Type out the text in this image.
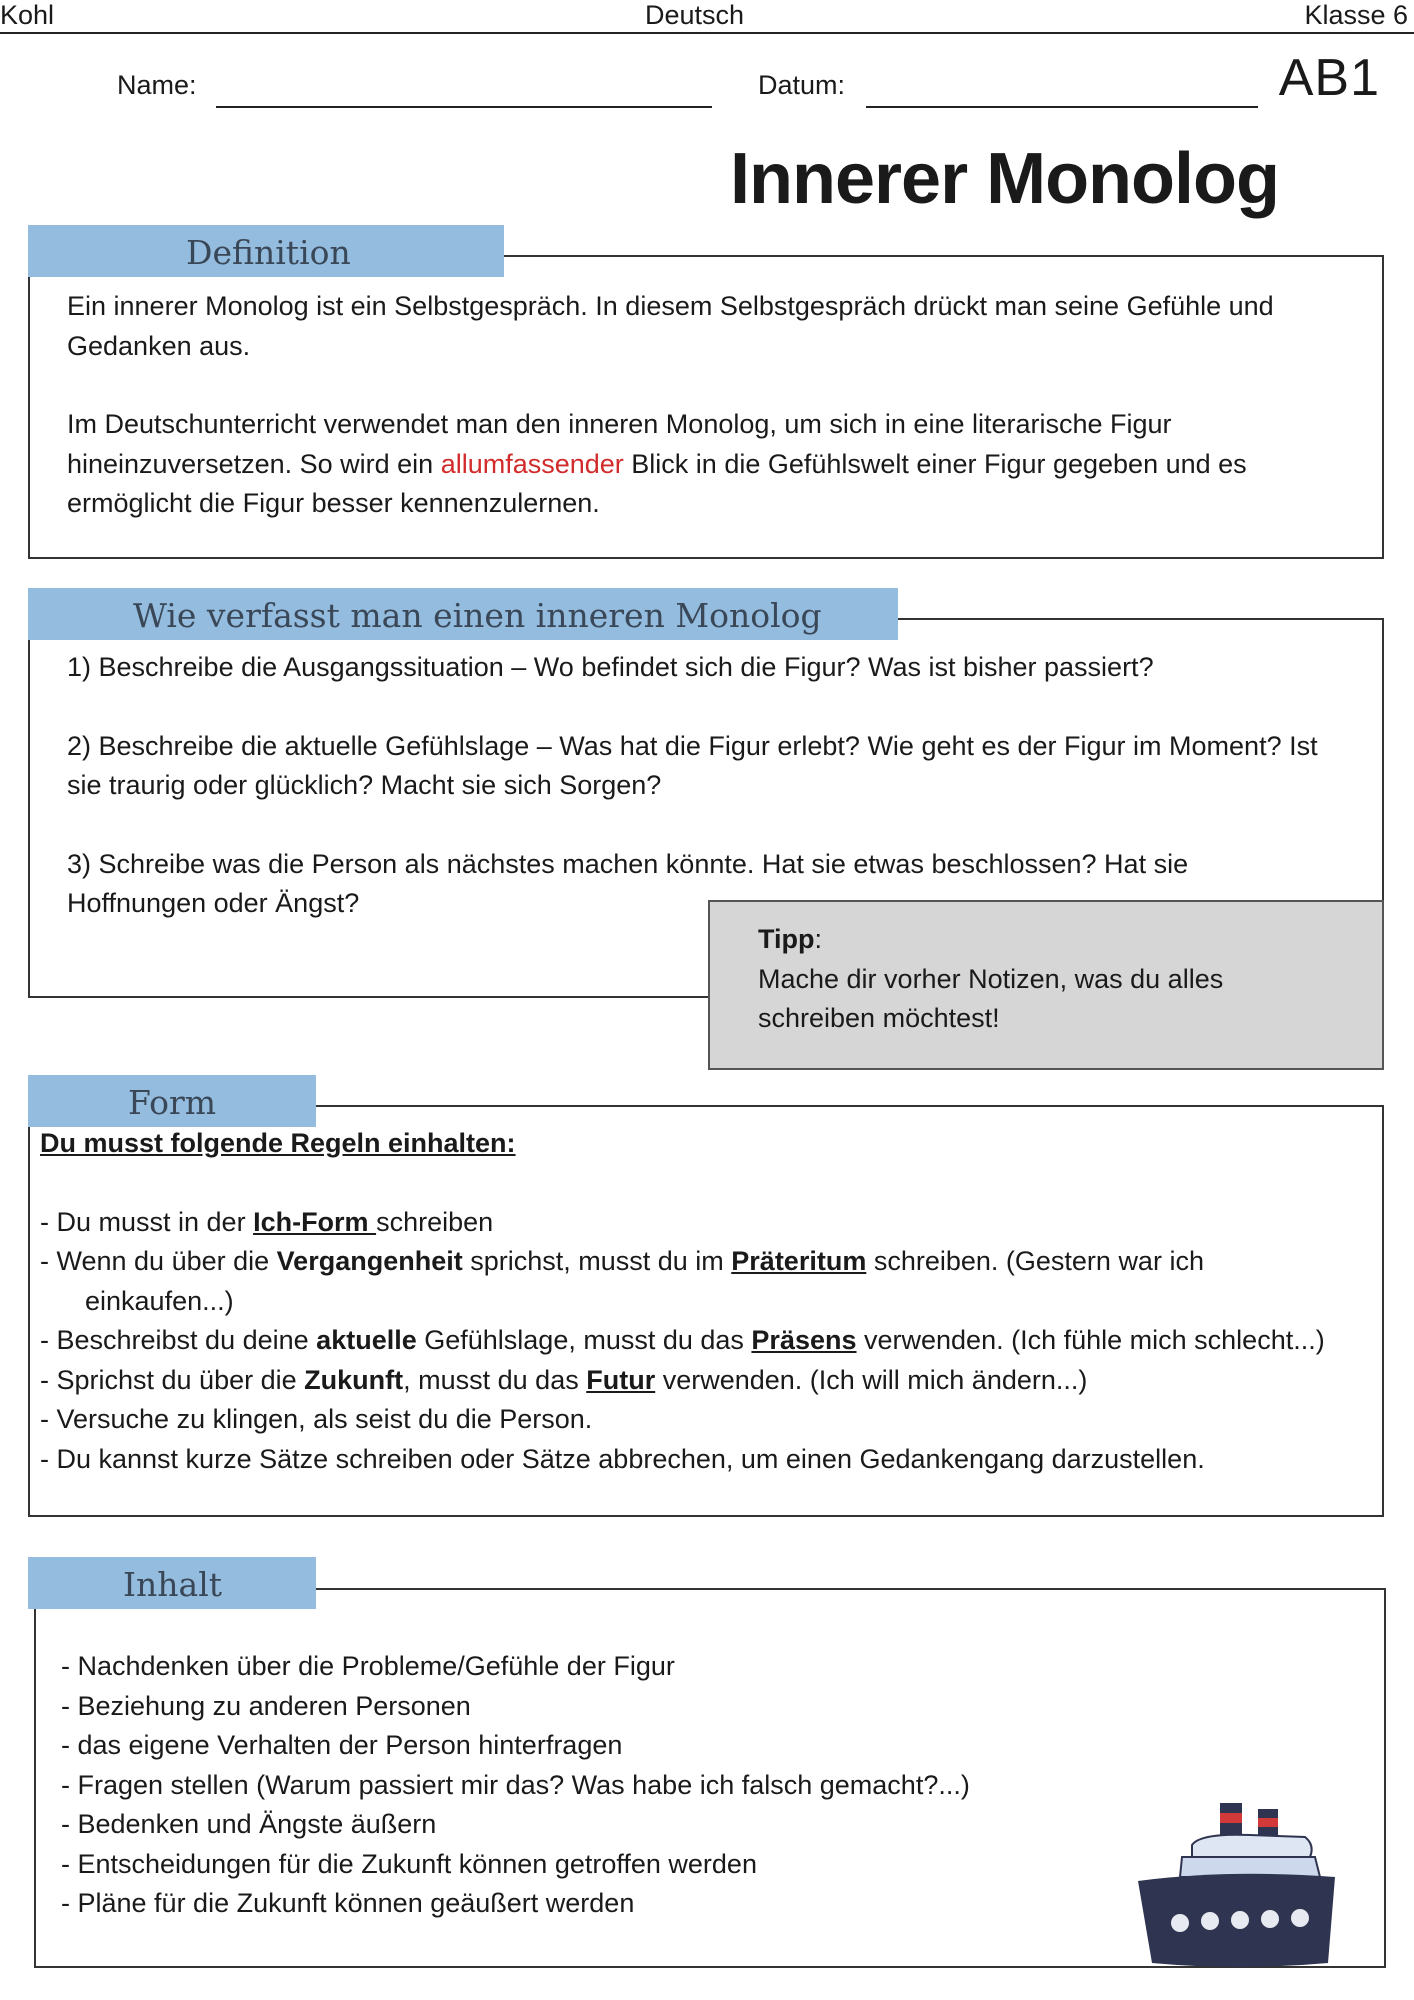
Kohl	Deutsch	Klasse 6
Name:	Datum:	AB1
Innerer Monolog
Definition

Ein innerer Monolog ist ein Selbstgespräch. In diesem Selbstgespräch drückt man seine Gefühle und Gedanken aus.

Im Deutschunterricht verwendet man den inneren Monolog, um sich in eine literarische Figur hineinzuversetzen. So wird ein allumfassender Blick in die Gefühlswelt einer Figur gegeben und es ermöglicht die Figur besser kennenzulernen.

Wie verfasst man einen inneren Monolog

1) Beschreibe die Ausgangssituation – Wo befindet sich die Figur? Was ist bisher passiert?

2) Beschreibe die aktuelle Gefühlslage – Was hat die Figur erlebt? Wie geht es der Figur im Moment? Ist sie traurig oder glücklich? Macht sie sich Sorgen?

3) Schreibe was die Person als nächstes machen könnte. Hat sie etwas beschlossen? Hat sie Hoffnungen oder Ängst?

Tipp:

Mache dir vorher Notizen, was du alles schreiben möchtest!

Form

Du musst folgende Regeln einhalten:

- Du musst in der Ich-Form schreiben

- Wenn du über die Vergangenheit sprichst, musst du im Präteritum schreiben. (Gestern war ich einkaufen...)

- Beschreibst du deine aktuelle Gefühlslage, musst du das Präsens verwenden. (Ich fühle mich schlecht...)

- Sprichst du über die Zukunft, musst du das Futur verwenden. (Ich will mich ändern...)

- Versuche zu klingen, als seist du die Person.

- Du kannst kurze Sätze schreiben oder Sätze abbrechen, um einen Gedankengang darzustellen.

Inhalt

- Nachdenken über die Probleme/Gefühle der Figur

- Beziehung zu anderen Personen

- das eigene Verhalten der Person hinterfragen

- Fragen stellen (Warum passiert mir das? Was habe ich falsch gemacht?...)

- Bedenken und Ängste äußern

- Entscheidungen für die Zukunft können getroffen werden

- Pläne für die Zukunft können geäußert werden
